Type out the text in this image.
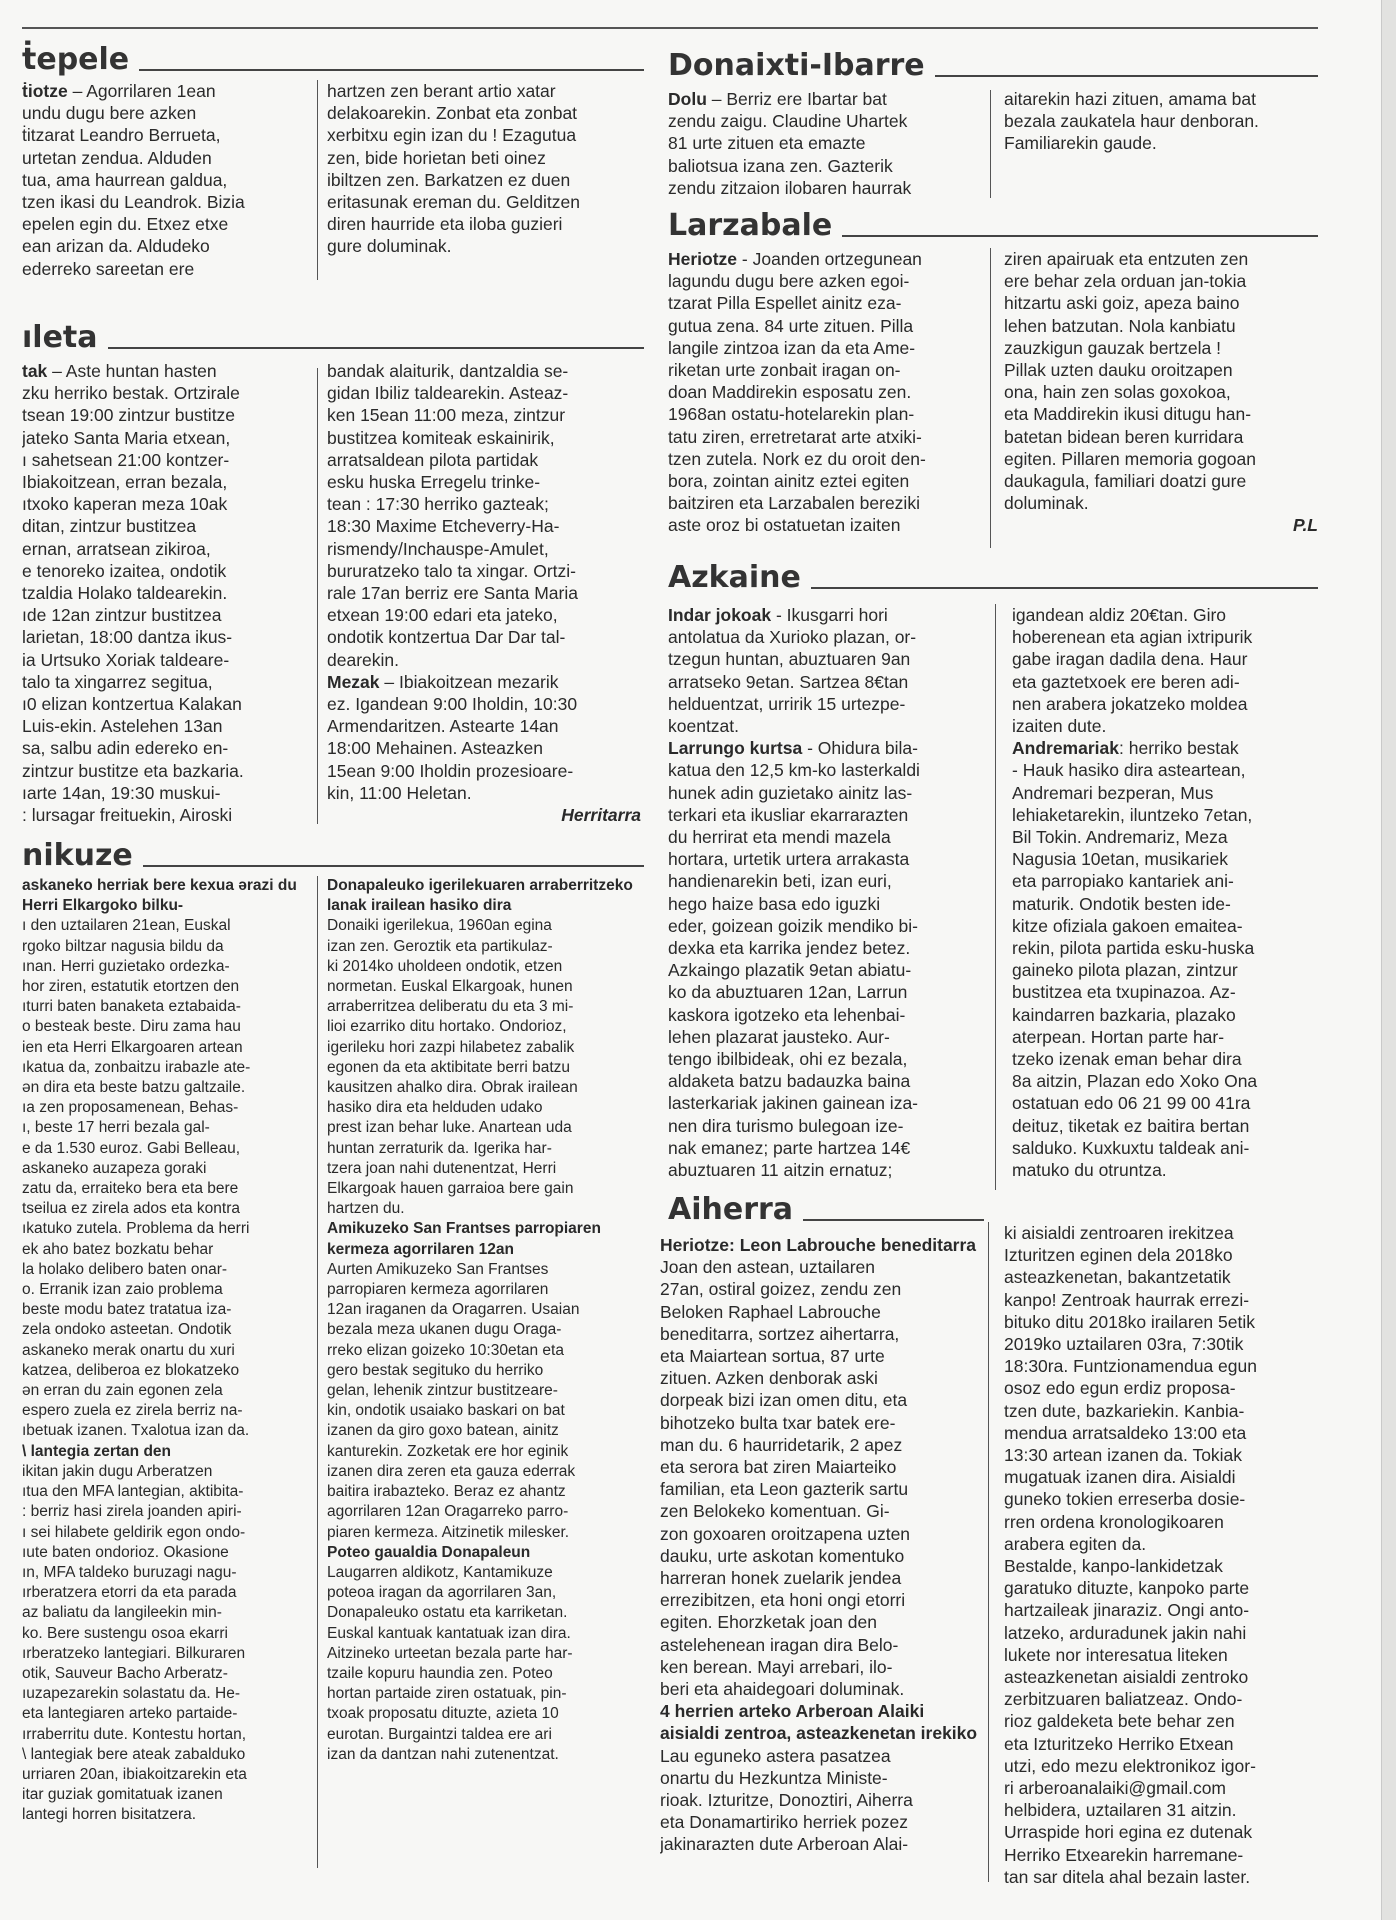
ṫepele

ṫiotze – Agorrilaren 1ean

undu dugu bere azken

ṫitzarat Leandro Berrueta,

urtetan zendua. Alduden

tua, ama haurrean galdua,

tzen ikasi du Leandrok. Bizia

epelen egin du. Etxez etxe

ean arizan da. Aldudeko

ederreko sareetan ere

hartzen zen berant artio xatar

delakoarekin. Zonbat eta zonbat

xerbitxu egin izan du ! Ezagutua

zen, bide horietan beti oinez

ibiltzen zen. Barkatzen ez duen

eritasunak ereman du. Gelditzen

diren haurride eta iloba guzieri

gure doluminak.

ıleta

tak – Aste huntan hasten

zku herriko bestak. Ortzirale

tsean 19:00 zintzur bustitze

jateko Santa Maria etxean,

ı sahetsean 21:00 kontzer-

Ibiakoitzean, erran bezala,

ıtxoko kaperan meza 10ak

ditan, zintzur bustitzea

ernan, arratsean zikiroa,

e tenoreko izaitea, ondotik

tzaldia Holako taldearekin.

ıde 12an zintzur bustitzea

larietan, 18:00 dantza ikus-

ia Urtsuko Xoriak taldeare-

talo ta xingarrez segitua,

ı0 elizan kontzertua Kalakan

Luis-ekin. Astelehen 13an

sa, salbu adin edereko en-

zintzur bustitze eta bazkaria.

ıarte 14an, 19:30 muskui-

: lursagar freituekin, Airoski

bandak alaiturik, dantzaldia se-

gidan Ibiliz taldearekin. Asteaz-

ken 15ean 11:00 meza, zintzur

bustitzea komiteak eskainirik,

arratsaldean pilota partidak

esku huska Erregelu trinke-

tean : 17:30 herriko gazteak;

18:30 Maxime Etcheverry-Ha-

rismendy/Inchauspe-Amulet,

bururatzeko talo ta xingar. Ortzi-

rale 17an berriz ere Santa Maria

etxean 19:00 edari eta jateko,

ondotik kontzertua Dar Dar tal-

dearekin.

Mezak – Ibiakoitzean mezarik

ez. Igandean 9:00 Iholdin, 10:30

Armendaritzen. Astearte 14an

18:00 Mehainen. Asteazken

15ean 9:00 Iholdin prozesioare-

kin, 11:00 Heletan.

Herritarra

nikuze

askaneko herriak bere kexua ərazi du Herri Elkargoko bilku-

ı den uztailaren 21ean, Euskal

rgoko biltzar nagusia bildu da

ınan. Herri guzietako ordezka-

hor ziren, estatutik etortzen den

ıturri baten banaketa eztabaida-

o besteak beste. Diru zama hau

ien eta Herri Elkargoaren artean

ıkatua da, zonbaitzu irabazle ate-

ən dira eta beste batzu galtzaile.

ıa zen proposamenean, Behas-

ı, beste 17 herri bezala gal-

e da 1.530 euroz. Gabi Belleau,

askaneko auzapeza goraki

zatu da, erraiteko bera eta bere

tseilua ez zirela ados eta kontra

ıkatuko zutela. Problema da herri

ek aho batez bozkatu behar

la holako delibero baten onar-

o. Erranik izan zaio problema

beste modu batez tratatua iza-

zela ondoko asteetan. Ondotik

askaneko merak onartu du xuri

katzea, deliberoa ez blokatzeko

ən erran du zain egonen zela

espero zuela ez zirela berriz na-

ıbetuak izanen. Txalotua izan da.

\ lantegia zertan den

ikitan jakin dugu Arberatzen

ıtua den MFA lantegian, aktibita-

: berriz hasi zirela joanden apiri-

ı sei hilabete geldirik egon ondo-

ıute baten ondorioz. Okasione

ın, MFA taldeko buruzagi nagu-

ırberatzera etorri da eta parada

az baliatu da langileekin min-

ko. Bere sustengu osoa ekarri

ırberatzeko lantegiari. Bilkuraren

otik, Sauveur Bacho Arberatz-

ıuzapezarekin solastatu da. He-

eta lantegiaren arteko partaide-

ırraberritu dute. Kontestu hortan,

\ lantegiak bere ateak zabalduko

urriaren 20an, ibiakoitzarekin eta

itar guziak gomitatuak izanen

lantegi horren bisitatzera.

Donapaleuko igerilekuaren arraberritzeko lanak irailean hasiko dira

Donaiki igerilekua, 1960an egina

izan zen. Geroztik eta partikulaz-

ki 2014ko uholdeen ondotik, etzen

normetan. Euskal Elkargoak, hunen

arraberritzea deliberatu du eta 3 mi-

lioi ezarriko ditu hortako. Ondorioz,

igerileku hori zazpi hilabetez zabalik

egonen da eta aktibitate berri batzu

kausitzen ahalko dira. Obrak irailean

hasiko dira eta helduden udako

prest izan behar luke. Anartean uda

huntan zerraturik da. Igerika har-

tzera joan nahi dutenentzat, Herri

Elkargoak hauen garraioa bere gain

hartzen du.

Amikuzeko San Frantses parropiaren kermeza agorrilaren 12an

Aurten Amikuzeko San Frantses

parropiaren kermeza agorrilaren

12an iraganen da Oragarren. Usaian

bezala meza ukanen dugu Oraga-

rreko elizan goizeko 10:30etan eta

gero bestak segituko du herriko

gelan, lehenik zintzur bustitzeare-

kin, ondotik usaiako baskari on bat

izanen da giro goxo batean, ainitz

kanturekin. Zozketak ere hor eginik

izanen dira zeren eta gauza ederrak

baitira irabazteko. Beraz ez ahantz

agorrilaren 12an Oragarreko parro-

piaren kermeza. Aitzinetik milesker.

Poteo gaualdia Donapaleun

Laugarren aldikotz, Kantamikuze

poteoa iragan da agorrilaren 3an,

Donapaleuko ostatu eta karriketan.

Euskal kantuak kantatuak izan dira.

Aitzineko urteetan bezala parte har-

tzaile kopuru haundia zen. Poteo

hortan partaide ziren ostatuak, pin-

txoak proposatu dituzte, azieta 10

eurotan. Burgaintzi taldea ere ari

izan da dantzan nahi zutenentzat.

Donaixti-Ibarre

Dolu – Berriz ere Ibartar bat

zendu zaigu. Claudine Uhartek

81 urte zituen eta emazte

baliotsua izana zen. Gazterik

zendu zitzaion ilobaren haurrak

aitarekin hazi zituen, amama bat

bezala zaukatela haur denboran.

Familiarekin gaude.

Larzabale

Heriotze - Joanden ortzegunean

lagundu dugu bere azken egoi-

tzarat Pilla Espellet ainitz eza-

gutua zena. 84 urte zituen. Pilla

langile zintzoa izan da eta Ame-

riketan urte zonbait iragan on-

doan Maddirekin esposatu zen.

1968an ostatu-hotelarekin plan-

tatu ziren, erretretarat arte atxiki-

tzen zutela. Nork ez du oroit den-

bora, zointan ainitz eztei egiten

baitziren eta Larzabalen bereziki

aste oroz bi ostatuetan izaiten

ziren apairuak eta entzuten zen

ere behar zela orduan jan-tokia

hitzartu aski goiz, apeza baino

lehen batzutan. Nola kanbiatu

zauzkigun gauzak bertzela !

Pillak uzten dauku oroitzapen

ona, hain zen solas goxokoa,

eta Maddirekin ikusi ditugu han-

batetan bidean beren kurridara

egiten. Pillaren memoria gogoan

daukagula, familiari doatzi gure

doluminak.

P.L

Azkaine

Indar jokoak - Ikusgarri hori

antolatua da Xurioko plazan, or-

tzegun huntan, abuztuaren 9an

arratseko 9etan. Sartzea 8€tan

helduentzat, urririk 15 urtezpe-

koentzat.

Larrungo kurtsa - Ohidura bila-

katua den 12,5 km-ko lasterkaldi

hunek adin guzietako ainitz las-

terkari eta ikusliar ekarrarazten

du herrirat eta mendi mazela

hortara, urtetik urtera arrakasta

handienarekin beti, izan euri,

hego haize basa edo iguzki

eder, goizean goizik mendiko bi-

dexka eta karrika jendez betez.

Azkaingo plazatik 9etan abiatu-

ko da abuztuaren 12an, Larrun

kaskora igotzeko eta lehenbai-

lehen plazarat jausteko. Aur-

tengo ibilbideak, ohi ez bezala,

aldaketa batzu badauzka baina

lasterkariak jakinen gainean iza-

nen dira turismo bulegoan ize-

nak emanez; parte hartzea 14€

abuztuaren 11 aitzin ernatuz;

igandean aldiz 20€tan. Giro

hoberenean eta agian ixtripurik

gabe iragan dadila dena. Haur

eta gaztetxoek ere beren adi-

nen arabera jokatzeko moldea

izaiten dute.

Andremariak: herriko bestak

- Hauk hasiko dira asteartean,

Andremari bezperan, Mus

lehiaketarekin, iluntzeko 7etan,

Bil Tokin. Andremariz, Meza

Nagusia 10etan, musikariek

eta parropiako kantariek ani-

maturik. Ondotik besten ide-

kitze ofiziala gakoen emaitea-

rekin, pilota partida esku-huska

gaineko pilota plazan, zintzur

bustitzea eta txupinazoa. Az-

kaindarren bazkaria, plazako

aterpean. Hortan parte har-

tzeko izenak eman behar dira

8a aitzin, Plazan edo Xoko Ona

ostatuan edo 06 21 99 00 41ra

deituz, tiketak ez baitira bertan

salduko. Kuxkuxtu taldeak ani-

matuko du otruntza.

Aiherra

Heriotze: Leon Labrouche beneditarra

Joan den astean, uztailaren

27an, ostiral goizez, zendu zen

Beloken Raphael Labrouche

beneditarra, sortzez aihertarra,

eta Maiartean sortua, 87 urte

zituen. Azken denborak aski

dorpeak bizi izan omen ditu, eta

bihotzeko bulta txar batek ere-

man du. 6 haurridetarik, 2 apez

eta serora bat ziren Maiarteiko

familian, eta Leon gazterik sartu

zen Belokeko komentuan. Gi-

zon goxoaren oroitzapena uzten

dauku, urte askotan komentuko

harreran honek zuelarik jendea

errezibitzen, eta honi ongi etorri

egiten. Ehorzketak joan den

astelehenean iragan dira Belo-

ken berean. Mayi arrebari, ilo-

beri eta ahaidegoari doluminak.

4 herrien arteko Arberoan Alaiki aisialdi zentroa, asteazkenetan irekiko

Lau eguneko astera pasatzea

onartu du Hezkuntza Ministe-

rioak. Izturitze, Donoztiri, Aiherra

eta Donamartiriko herriek pozez

jakinarazten dute Arberoan Alai-

ki aisialdi zentroaren irekitzea

Izturitzen eginen dela 2018ko

asteazkenetan, bakantzetatik

kanpo! Zentroak haurrak errezi-

bituko ditu 2018ko irailaren 5etik

2019ko uztailaren 03ra, 7:30tik

18:30ra. Funtzionamendua egun

osoz edo egun erdiz proposa-

tzen dute, bazkariekin. Kanbia-

mendua arratsaldeko 13:00 eta

13:30 artean izanen da. Tokiak

mugatuak izanen dira. Aisialdi

guneko tokien erreserba dosie-

rren ordena kronologikoaren

arabera egiten da.

Bestalde, kanpo-lankidetzak

garatuko dituzte, kanpoko parte

hartzaileak jinaraziz. Ongi anto-

latzeko, arduradunek jakin nahi

lukete nor interesatua liteken

asteazkenetan aisialdi zentroko

zerbitzuaren baliatzeaz. Ondo-

rioz galdeketa bete behar zen

eta Izturitzeko Herriko Etxean

utzi, edo mezu elektronikoz igor-

ri arberoanalaiki@gmail.com

helbidera, uztailaren 31 aitzin.

Urraspide hori egina ez dutenak

Herriko Etxearekin harremane-

tan sar ditela ahal bezain laster.
